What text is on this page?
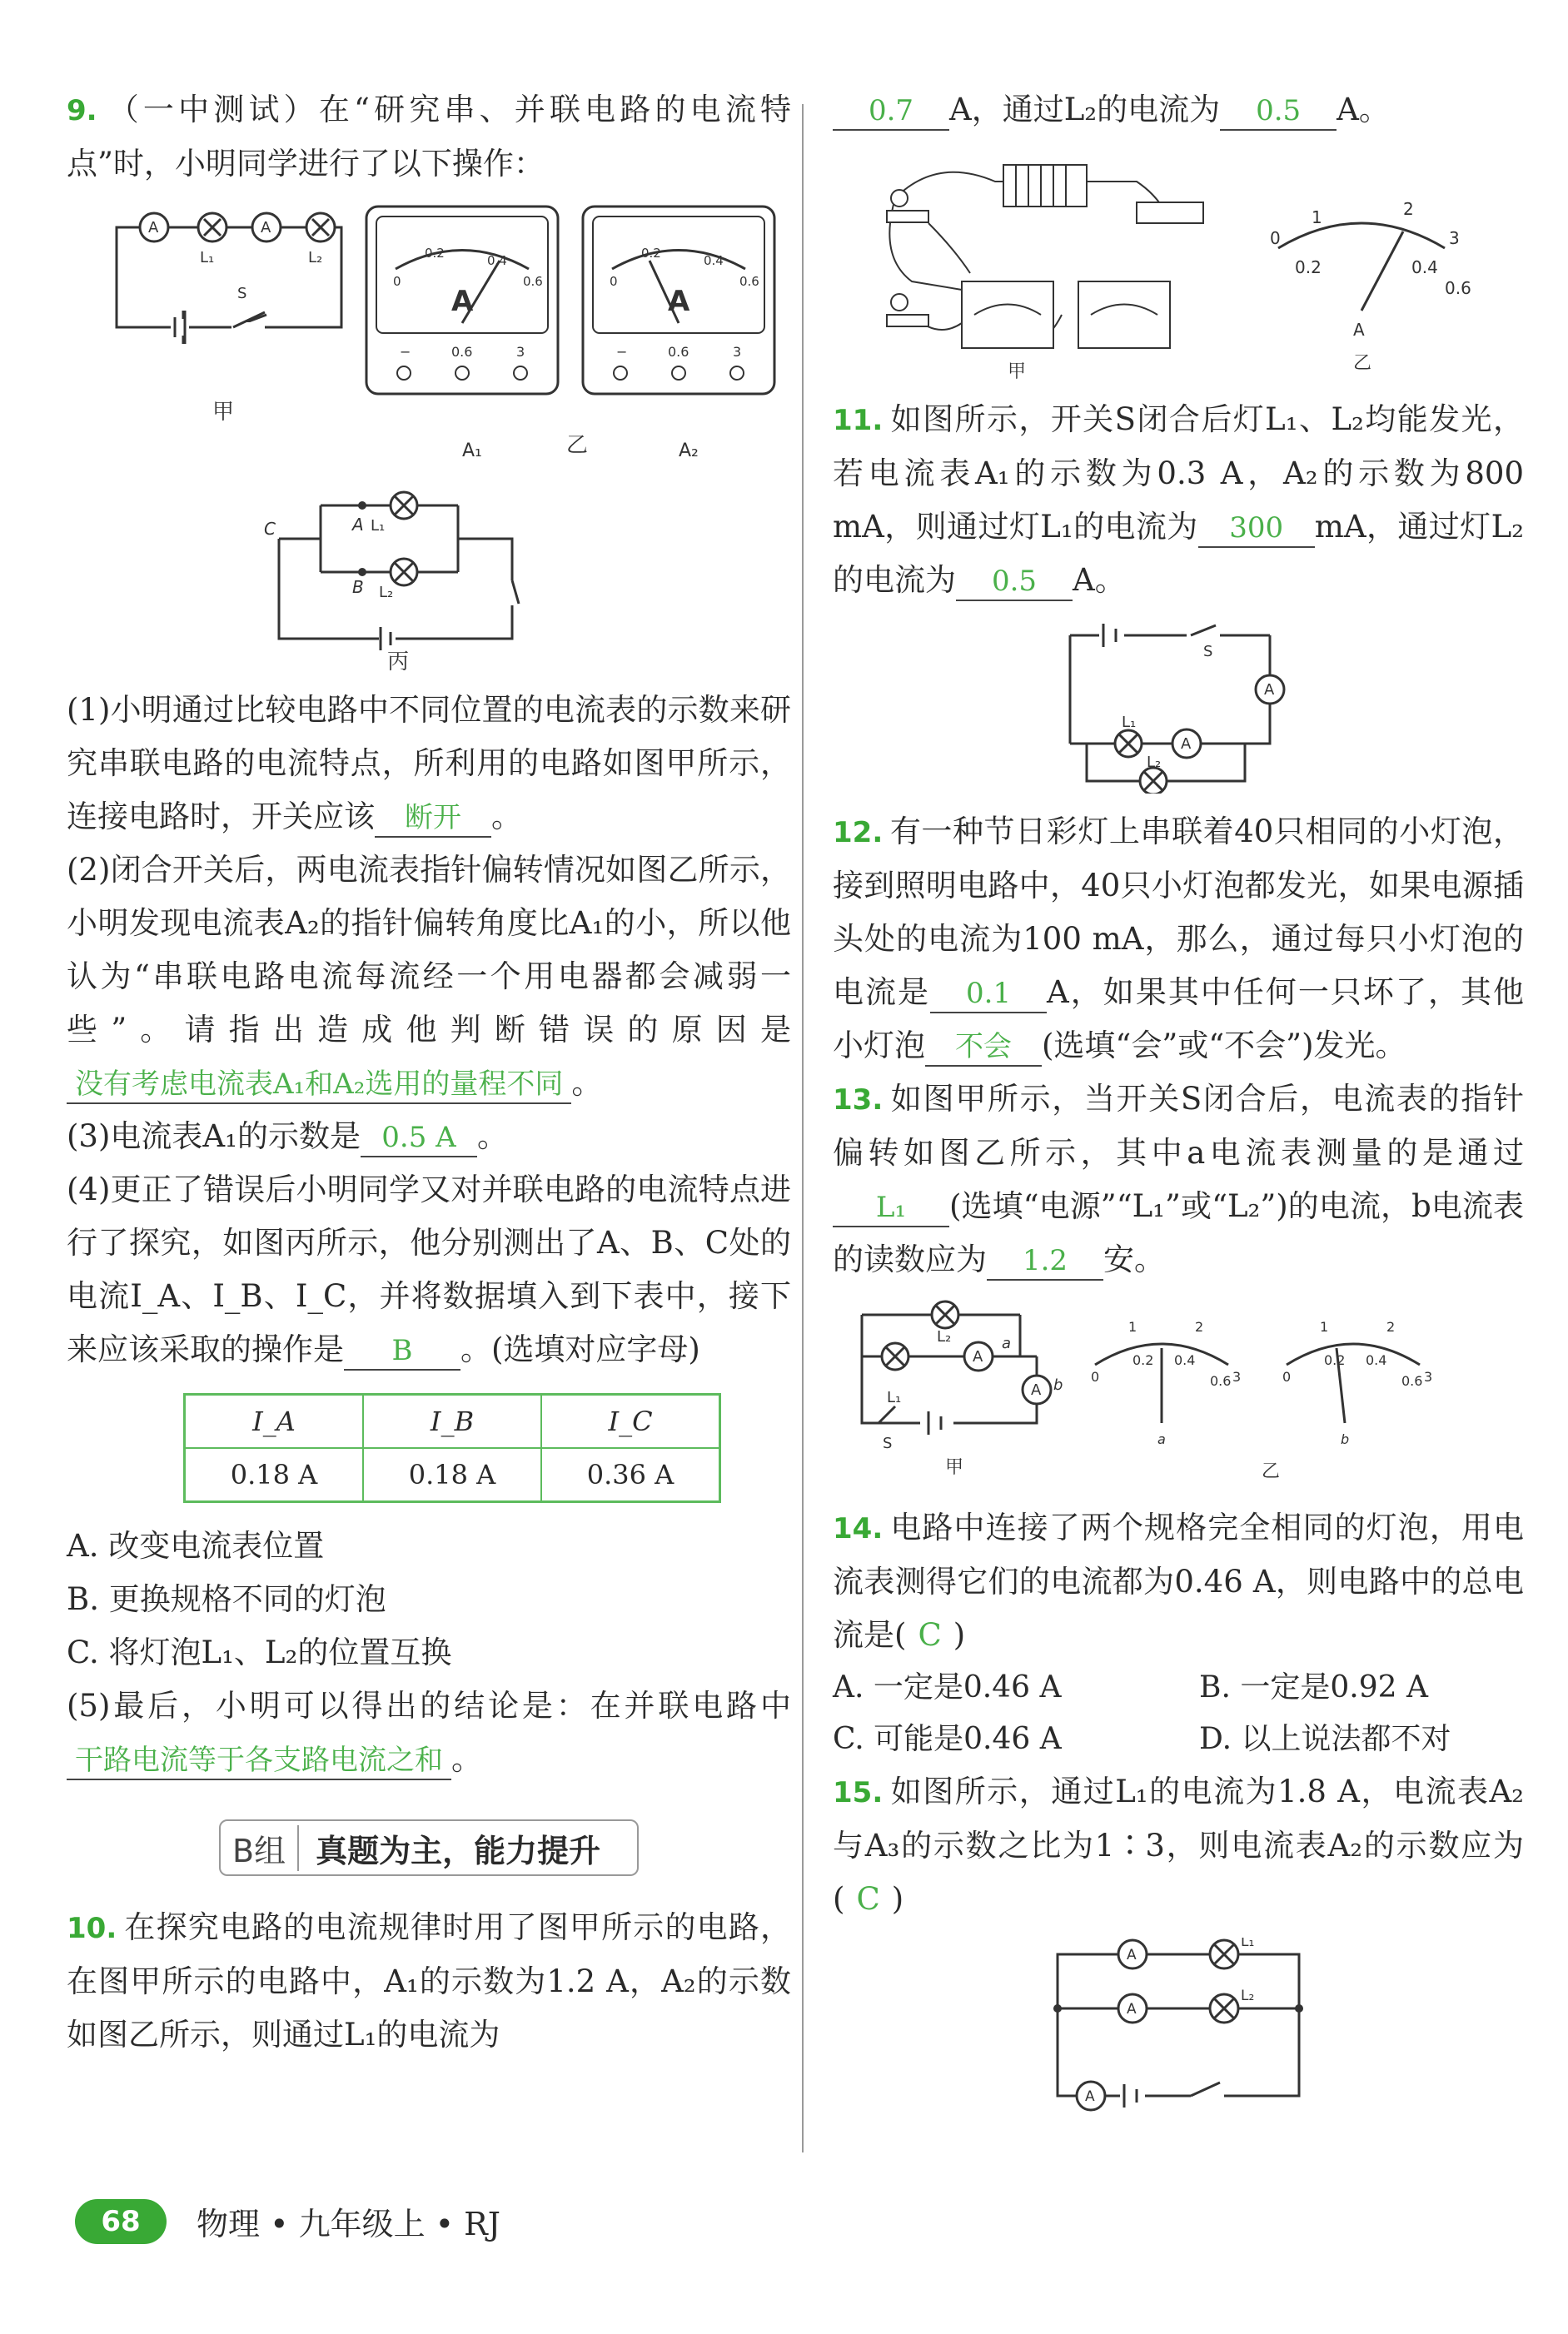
9. （一中测试）在“研究串、并联电路的电流特点”时，小明同学进行了以下操作：

A	A
L₁	L₂
S
甲
A
0
0.2	0.4
0.6
−	0.6	3
A₁	乙
A
0
0.2	0.4
0.6
−	0.6	3
A₂
C	A
B
L₁
L₂
丙

(1)小明通过比较电路中不同位置的电流表的示数来研究串联电路的电流特点，所利用的电路如图甲所示，连接电路时，开关应该 断开 。

(2)闭合开关后，两电流表指针偏转情况如图乙所示，小明发现电流表A₂的指针偏转角度比A₁的小，所以他认为“串联电路电流每流经一个用电器都会减弱一些”。请指出造成他判断错误的原因是没有考虑电流表A₁和A₂选用的量程不同 。

(3)电流表A₁的示数是 0.5 A 。

(4)更正了错误后小明同学又对并联电路的电流特点进行了探究，如图丙所示，他分别测出了A、B、C处的电流I_A、I_B、I_C，并将数据填入到下表中，接下来应该采取的操作是 B 。(选填对应字母)

I_A	I_B	I_C
0.18 A	0.18 A	0.36 A

A. 改变电流表位置

B. 更换规格不同的灯泡

C. 将灯泡L₁、L₂的位置互换

(5)最后，小明可以得出的结论是：在并联电路中干路电流等于各支路电流之和 。

B组 真题为主，能力提升

10. 在探究电路的电流规律时用了图甲所示的电路，在图甲所示的电路中，A₁的示数为1.2 A，A₂的示数如图乙所示，则通过L₁的电流为

0.7 A，通过L₂的电流为 0.5 A。

甲
0
1	2
3
0.2	0.4
0.6
A
乙

11. 如图所示，开关S闭合后灯L₁、L₂均能发光，若电流表A₁的示数为0.3 A，A₂的示数为800 mA，则通过灯L₁的电流为 300 mA，通过灯L₂的电流为 0.5 A。

A
A
S
L₁
L₂

12. 有一种节日彩灯上串联着40只相同的小灯泡，接到照明电路中，40只小灯泡都发光，如果电源插头处的电流为100 mA，那么，通过每只小灯泡的电流是 0.1 A，如果其中任何一只坏了，其他小灯泡 不会 (选填“会”或“不会”)发光。

13. 如图甲所示，当开关S闭合后，电流表的指针偏转如图乙所示，其中a电流表测量的是通过L₁ (选填“电源”“L₁”或“L₂”)的电流，b电流表的读数应为 1.2 安。

A
A
L₂
L₁
S
a
b
甲
0
1	2
3
0.2 0.4
0.6
a
0
1	2
3
0.2 0.4
0.6
b
乙

14. 电路中连接了两个规格完全相同的灯泡，用电流表测得它们的电流都为0.46 A，则电路中的总电流是( C )

A. 一定是0.46 A	B. 一定是0.92 A
C. 可能是0.46 A	D. 以上说法都不对

15. 如图所示，通过L₁的电流为1.8 A，电流表A₂与A₃的示数之比为1∶3，则电流表A₂的示数应为( C )

A
A
A
L₁
L₂
68	物理 • 九年级上 • RJ
